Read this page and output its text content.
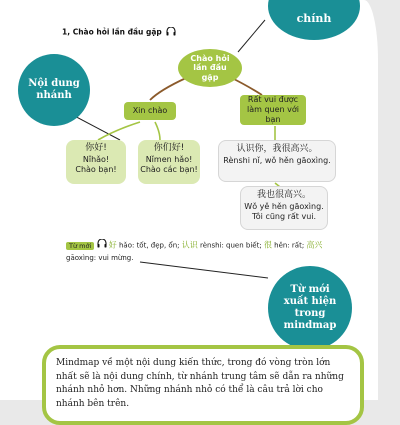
chính
Nội dung nhánh
Từ mới xuất hiện trong mindmap
1, Chào hỏi lần đầu gặp
Chào hỏi lần đầu gặp
Xin chào
你好!
Nǐhǎo!
Chào bạn!
你们好!
Nǐmen hǎo!
Chào các bạn!
Rất vui được làm quen với bạn
认识你，我很高兴。
Rènshi nǐ, wǒ hěn gāoxìng.
我也很高兴。
Wǒ yě hěn gāoxìng.
Tôi cũng rất vui.
Từ mới 好 hǎo: tốt, đẹp, ổn; 认识 rènshi: quen biết; 很 hěn: rất; 高兴
gāoxìng: vui mừng.
Mindmap về một nội dung kiến thức, trong đó vòng tròn lớn nhất sẽ là nội dung chính, từ nhánh trung tâm sẽ dẫn ra những nhánh nhỏ hơn. Những nhánh nhỏ có thể là câu trả lời cho nhánh bên trên.
